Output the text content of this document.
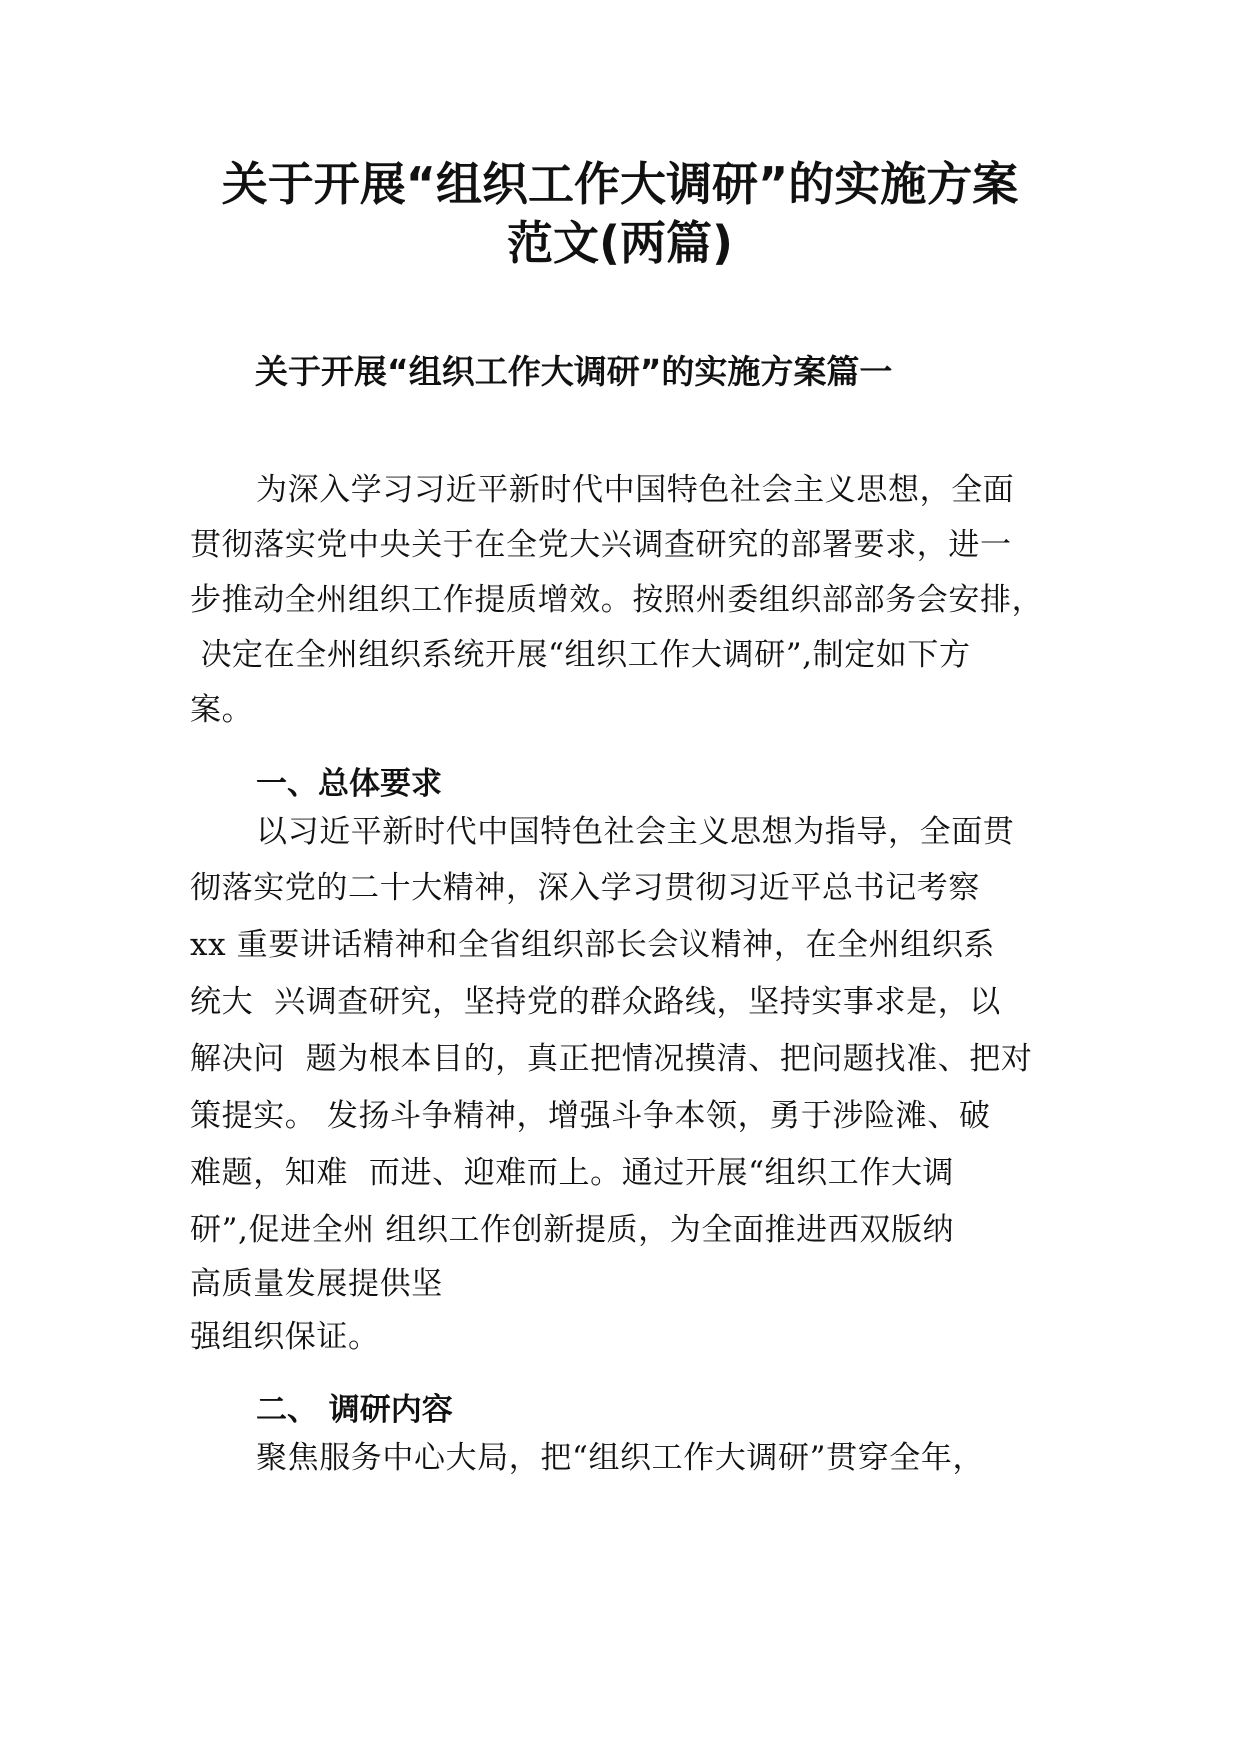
关于开展“组织工作大调研”的实施方案
范文(两篇)
关于开展“组织工作大调研”的实施方案篇一

为深入学习习近平新时代中国特色社会主义思想，全面

贯彻落实党中央关于在全党大兴调查研究的部署要求，进一

步推动全州组织工作提质增效。按照州委组织部部务会安排，

决定在全州组织系统开展“组织工作大调研”,制定如下方

案。

一、总体要求

以习近平新时代中国特色社会主义思想为指导，全面贯

彻落实党的二十大精神，深入学习贯彻习近平总书记考察

xx 重要讲话精神和全省组织部长会议精神，在全州组织系

统大  兴调查研究，坚持党的群众路线，坚持实事求是，以

解决问  题为根本目的，真正把情况摸清、把问题找准、把对

策提实。 发扬斗争精神，增强斗争本领，勇于涉险滩、破

难题，知难  而进、迎难而上。通过开展“组织工作大调

研”,促进全州 组织工作创新提质，为全面推进西双版纳

高质量发展提供坚

强组织保证。

二、 调研内容

聚焦服务中心大局，把“组织工作大调研”贯穿全年，
